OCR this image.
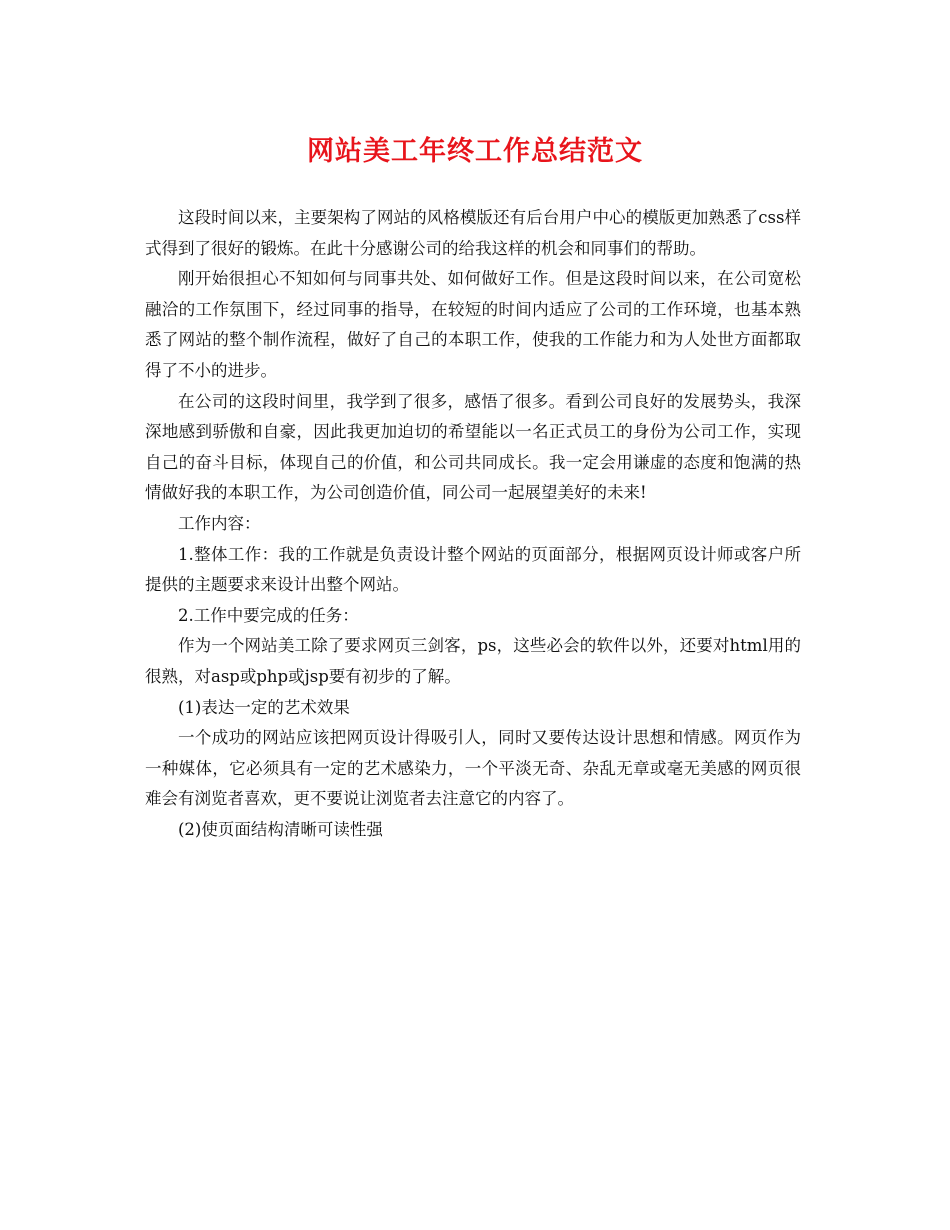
网站美工年终工作总结范文

这段时间以来，主要架构了网站的风格模版还有后台用户中心的模版更加熟悉了css样式得到了很好的锻炼。在此十分感谢公司的给我这样的机会和同事们的帮助。

刚开始很担心不知如何与同事共处、如何做好工作。但是这段时间以来，在公司宽松融洽的工作氛围下，经过同事的指导，在较短的时间内适应了公司的工作环境，也基本熟悉了网站的整个制作流程，做好了自己的本职工作，使我的工作能力和为人处世方面都取得了不小的进步。

在公司的这段时间里，我学到了很多，感悟了很多。看到公司良好的发展势头，我深深地感到骄傲和自豪，因此我更加迫切的希望能以一名正式员工的身份为公司工作，实现自己的奋斗目标，体现自己的价值，和公司共同成长。我一定会用谦虚的态度和饱满的热情做好我的本职工作，为公司创造价值，同公司一起展望美好的未来!

工作内容：

1.整体工作：我的工作就是负责设计整个网站的页面部分，根据网页设计师或客户所提供的主题要求来设计出整个网站。

2.工作中要完成的任务：

作为一个网站美工除了要求网页三剑客，ps，这些必会的软件以外，还要对html用的很熟，对asp或php或jsp要有初步的了解。

(1)表达一定的艺术效果

一个成功的网站应该把网页设计得吸引人，同时又要传达设计思想和情感。网页作为一种媒体，它必须具有一定的艺术感染力，一个平淡无奇、杂乱无章或毫无美感的网页很难会有浏览者喜欢，更不要说让浏览者去注意它的内容了。

(2)使页面结构清晰可读性强
